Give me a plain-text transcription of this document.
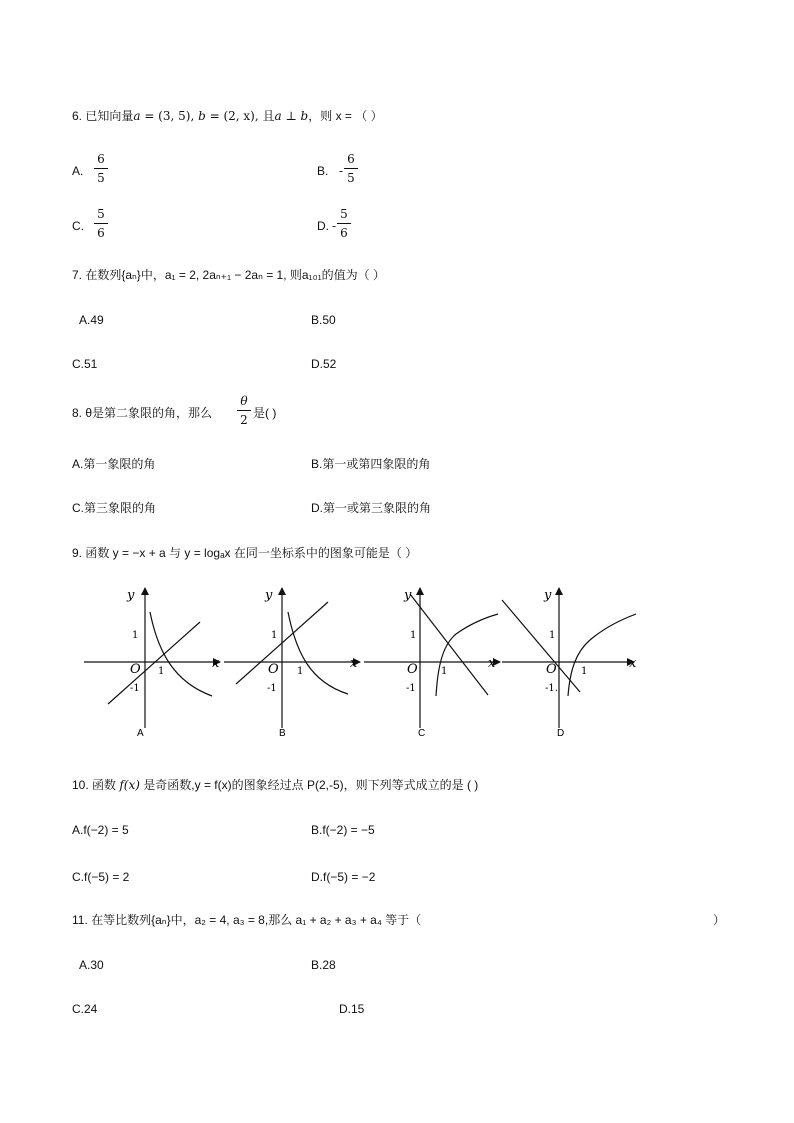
6. 已知向量a = (3, 5), b = (2, x), 且a ⊥ b，则 x = （ ）
A.
6
5	B. -
6
5
C.
5
6	D. -
5
6
7. 在数列{aₙ}中，a₁ = 2, 2aₙ₊₁ − 2aₙ = 1, 则a₁₀₁的值为（ ）
A.49	B.50
C.51	D.52
8. θ是第二象限的角，那么
θ
2 是( )
A.第一象限的角	B.第一或第四象限的角
C.第三象限的角	D.第一或第三象限的角
9. 函数 y = −x + a 与 y = logₐx 在同一坐标系中的图象可能是（ ）
y
x
O
1
1
-1
A
y
x
O
1
1
-1
B
y
x
O
1
1
-1
C
y
x
O
1
1
-1.
D
10. 函数 f(x) 是奇函数,y = f(x)的图象经过点 P(2,-5)，则下列等式成立的是 ( )
A.f(−2) = 5	B.f(−2) = −5
C.f(−5) = 2	D.f(−5) = −2
11. 在等比数列{aₙ}中，a₂ = 4, a₃ = 8,那么 a₁ + a₂ + a₃ + a₄ 等于（	）
A.30	B.28
C.24	D.15
